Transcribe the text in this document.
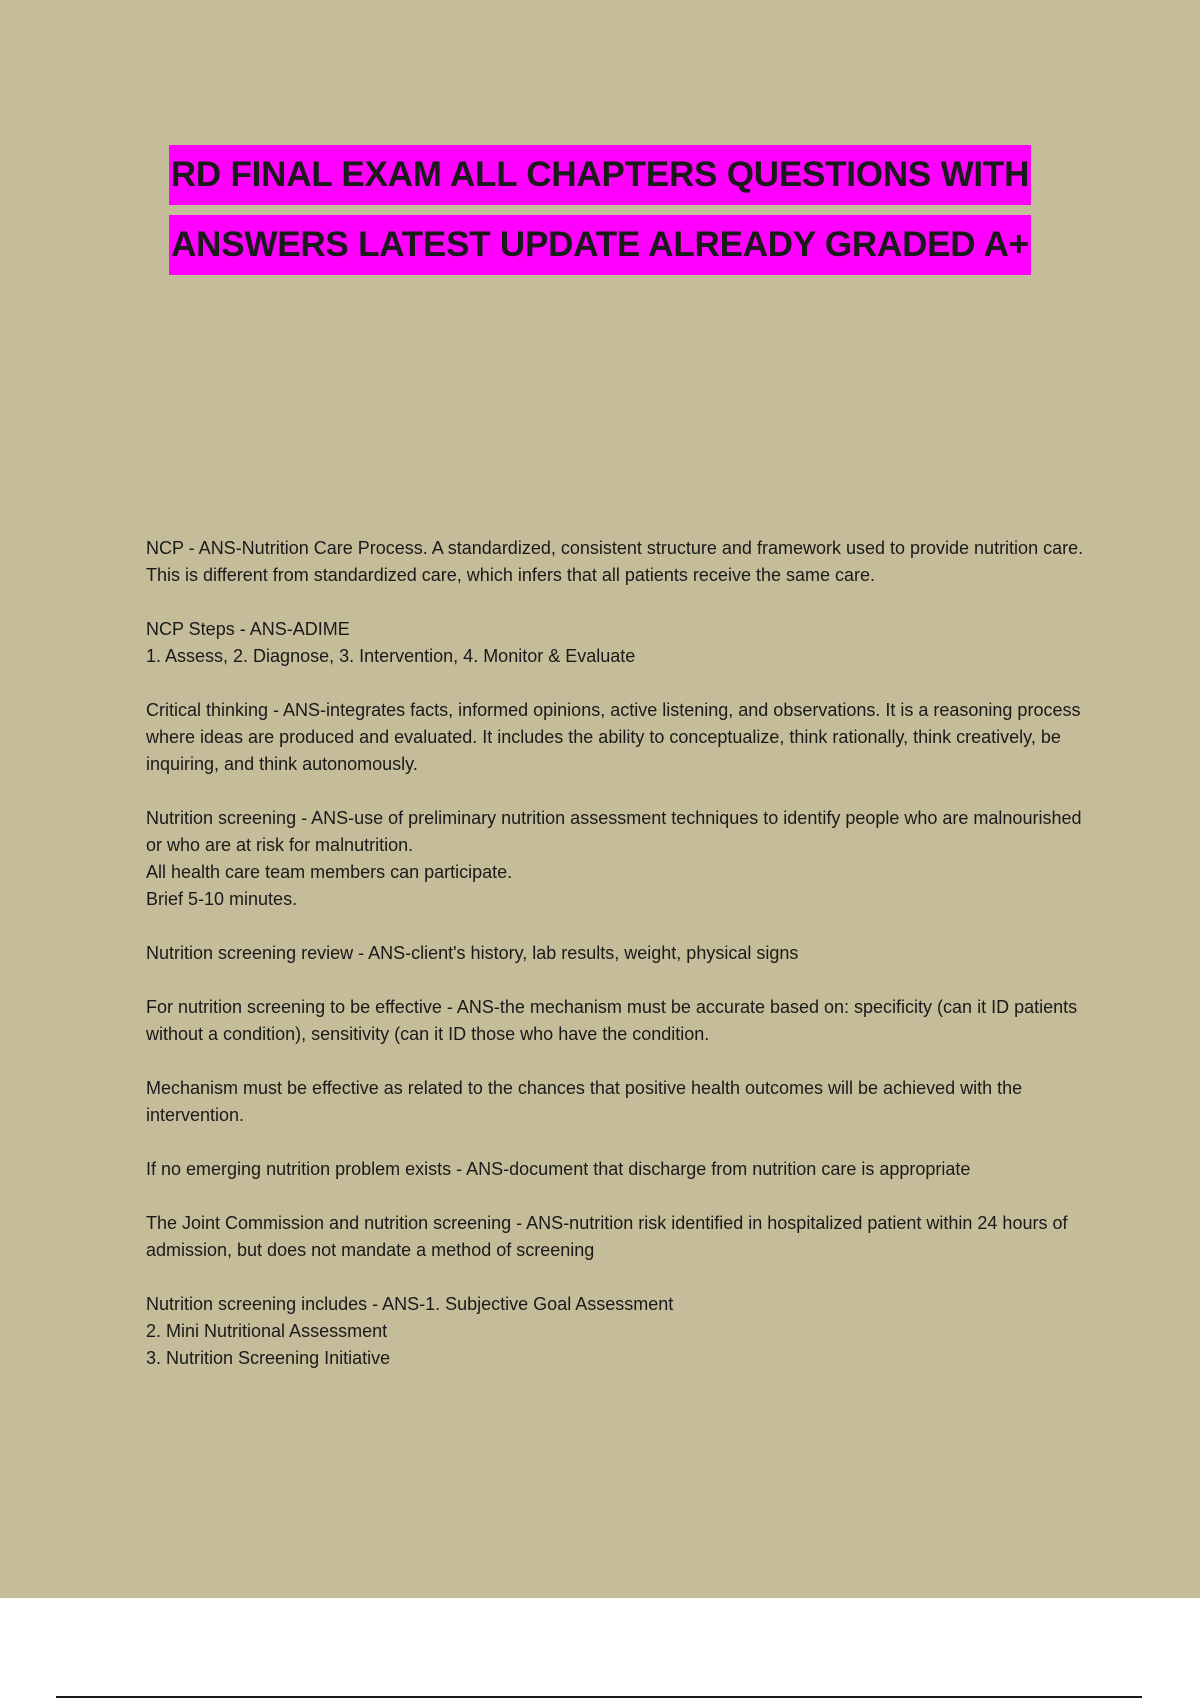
RD FINAL EXAM ALL CHAPTERS QUESTIONS WITH
ANSWERS LATEST UPDATE ALREADY GRADED A+

NCP - ANS-Nutrition Care Process. A standardized, consistent structure and framework used to provide nutrition care. This is different from standardized care, which infers that all patients receive the same care.

NCP Steps - ANS-ADIME

1. Assess, 2. Diagnose, 3. Intervention, 4. Monitor & Evaluate

Critical thinking - ANS-integrates facts, informed opinions, active listening, and observations. It is a reasoning process where ideas are produced and evaluated. It includes the ability to conceptualize, think rationally, think creatively, be inquiring, and think autonomously.

Nutrition screening - ANS-use of preliminary nutrition assessment techniques to identify people who are malnourished or who are at risk for malnutrition.

All health care team members can participate.

Brief 5-10 minutes.

Nutrition screening review - ANS-client's history, lab results, weight, physical signs

For nutrition screening to be effective - ANS-the mechanism must be accurate based on: specificity (can it ID patients without a condition), sensitivity (can it ID those who have the condition.

Mechanism must be effective as related to the chances that positive health outcomes will be achieved with the intervention.

If no emerging nutrition problem exists - ANS-document that discharge from nutrition care is appropriate

The Joint Commission and nutrition screening - ANS-nutrition risk identified in hospitalized patient within 24 hours of admission, but does not mandate a method of screening

Nutrition screening includes - ANS-1. Subjective Goal Assessment

2. Mini Nutritional Assessment

3. Nutrition Screening Initiative
